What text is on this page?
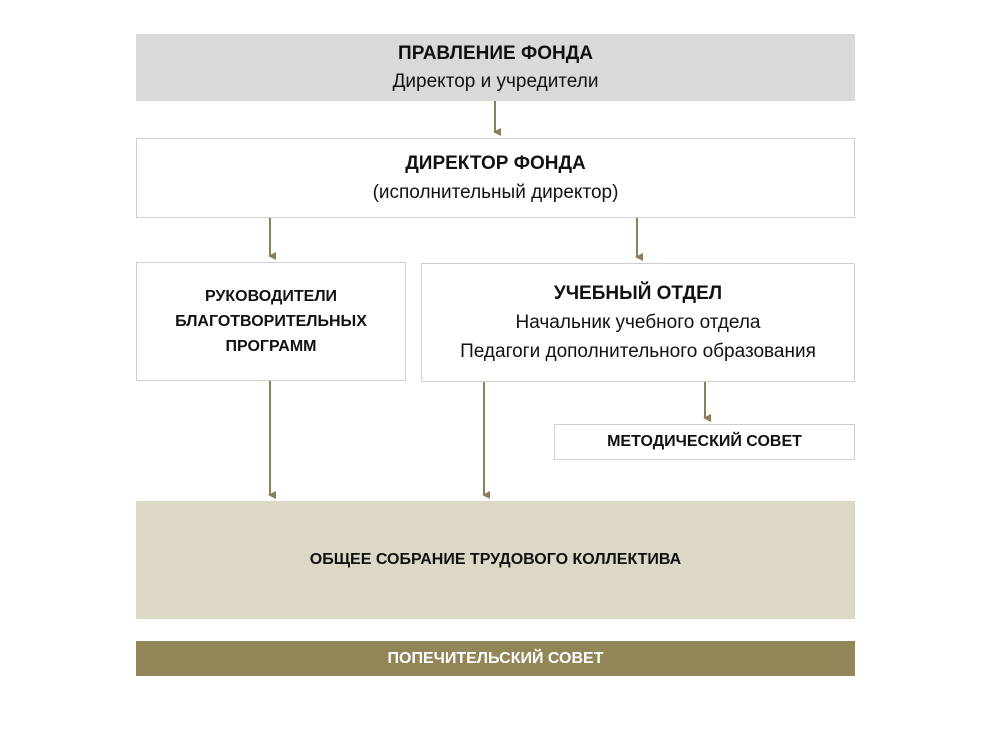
ПРАВЛЕНИЕ ФОНДА
Директор и учредители
ДИРЕКТОР ФОНДА
(исполнительный директор)
РУКОВОДИТЕЛИ
БЛАГОТВОРИТЕЛЬНЫХ
ПРОГРАММ
УЧЕБНЫЙ ОТДЕЛ
Начальник учебного отдела
Педагоги дополнительного образования
МЕТОДИЧЕСКИЙ СОВЕТ
ОБЩЕЕ СОБРАНИЕ ТРУДОВОГО КОЛЛЕКТИВА
ПОПЕЧИТЕЛЬСКИЙ СОВЕТ
